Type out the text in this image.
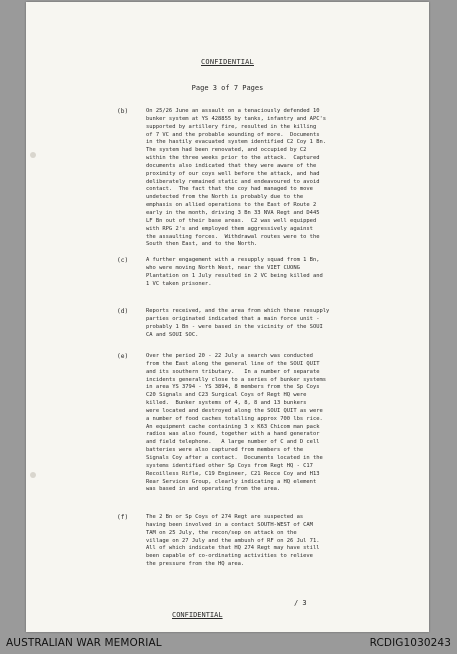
CONFIDENTIAL
Page 3 of 7 Pages
(b)	On 25/26 June an assault on a tenaciously defended 10
bunker system at YS 428855 by tanks, infantry and APC's
supported by artillery fire, resulted in the killing
of 7 VC and the probable wounding of more.  Documents
in the hastily evacuated system identified C2 Coy 1 Bn.
The system had been renovated, and occupied by C2
within the three weeks prior to the attack.  Captured
documents also indicated that they were aware of the
proximity of our coys well before the attack, and had
deliberately remained static and endeavoured to avoid
contact.  The fact that the coy had managed to move
undetected from the North is probably due to the
emphasis on allied operations to the East of Route 2
early in the month, driving 3 Bn 33 NVA Regt and D445
LF Bn out of their base areas.  C2 was well equipped
with RPG 2's and employed them aggressively against
the assaulting forces.  Withdrawal routes were to the
South then East, and to the North.
(c)	A further engagement with a resupply squad from 1 Bn,
who were moving North West, near the VIET CUONG
Plantation on 1 July resulted in 2 VC being killed and
1 VC taken prisoner.
(d)	Reports received, and the area from which these resupply
parties originated indicated that a main force unit -
probably 1 Bn - were based in the vicinity of the SOUI
CA and SOUI SOC.
(e)	Over the period 20 - 22 July a search was conducted
from the East along the general line of the SOUI QUIT
and its southern tributary.   In a number of separate
incidents generally close to a series of bunker systems
in area YS 3794 - YS 3894, 8 members from the Sp Coys
C20 Signals and C23 Surgical Coys of Regt HQ were
killed.  Bunker systems of 4, 8, 8 and 13 bunkers
were located and destroyed along the SOUI QUIT as were
a number of food caches totalling approx 700 lbs rice.
An equipment cache containing 3 x K63 Chicom man pack
radios was also found, together with a hand generator
and field telephone.   A large number of C and D cell
batteries were also captured from members of the
Signals Coy after a contact.  Documents located in the
systems identified other Sp Coys from Regt HQ - C17
Recoilless Rifle, C19 Engineer, C21 Recce Coy and H13
Rear Services Group, clearly indicating a HQ element
was based in and operating from the area.
(f)	The 2 Bn or Sp Coys of 274 Regt are suspected as
having been involved in a contact SOUTH-WEST of CAM
TAM on 25 July, the recon/sep on attack on the
village on 27 July and the ambush of RF on 26 Jul 71.
All of which indicate that HQ 274 Regt may have still
been capable of co-ordinating activities to relieve
the pressure from the HQ area.
/ 3
CONFIDENTIAL
AUSTRALIAN WAR MEMORIAL	RCDIG1030243
